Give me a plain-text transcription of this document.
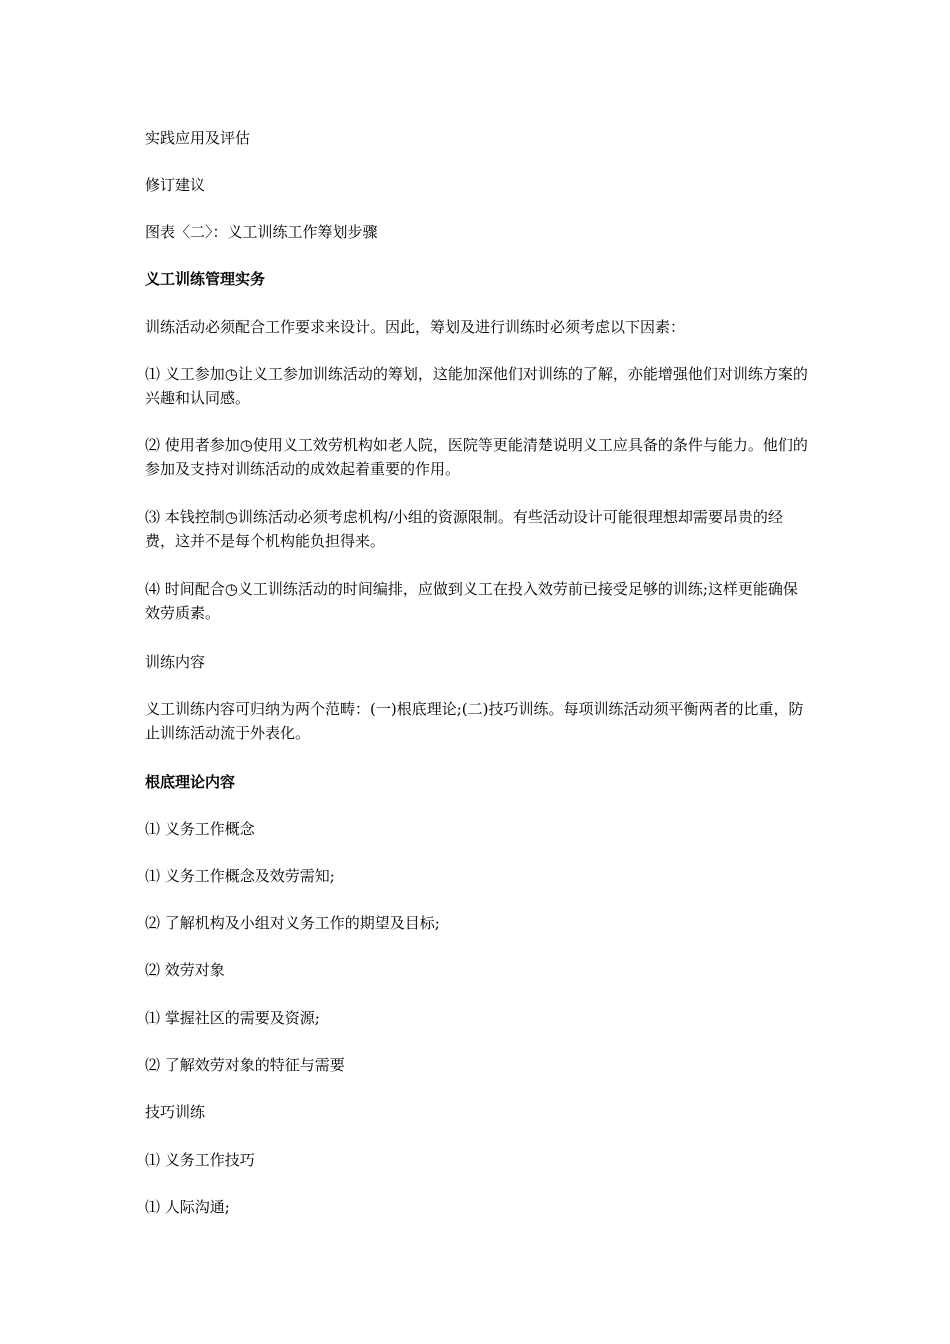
实践应用及评估

修订建议

图表〈二〉：义工训练工作筹划步骤

义工训练管理实务

训练活动必须配合工作要求来设计。因此，筹划及进行训练时必须考虑以下因素：

⑴ 义工参加◷让义工参加训练活动的筹划，这能加深他们对训练的了解，亦能增强他们对训练方案的兴趣和认同感。

⑵ 使用者参加◷使用义工效劳机构如老人院，医院等更能清楚说明义工应具备的条件与能力。他们的参加及支持对训练活动的成效起着重要的作用。

⑶ 本钱控制◷训练活动必须考虑机构/小组的资源限制。有些活动设计可能很理想却需要昂贵的经费，这并不是每个机构能负担得来。

⑷ 时间配合◷义工训练活动的时间编排，应做到义工在投入效劳前已接受足够的训练;这样更能确保效劳质素。

训练内容

义工训练内容可归纳为两个范畴：(一)根底理论;(二)技巧训练。每项训练活动须平衡两者的比重，防止训练活动流于外表化。

根底理论内容

⑴ 义务工作概念

⑴ 义务工作概念及效劳需知;

⑵ 了解机构及小组对义务工作的期望及目标;

⑵ 效劳对象

⑴ 掌握社区的需要及资源;

⑵ 了解效劳对象的特征与需要

技巧训练

⑴ 义务工作技巧

⑴ 人际沟通;
